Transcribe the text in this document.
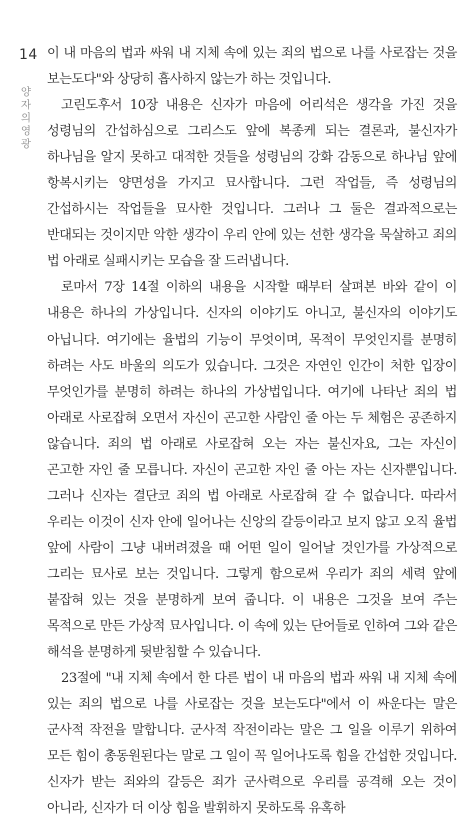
14
양자의 영광

이 내 마음의 법과 싸워 내 지체 속에 있는 죄의 법으로 나를 사로잡는 것을 보는도다"와 상당히 흡사하지 않는가 하는 것입니다.

고린도후서 10장 내용은 신자가 마음에 어리석은 생각을 가진 것을 성령님의 간섭하심으로 그리스도 앞에 복종케 되는 결론과, 불신자가 하나님을 알지 못하고 대적한 것들을 성령님의 강화 감동으로 하나님 앞에 항복시키는 양면성을 가지고 묘사합니다. 그런 작업들, 즉 성령님의 간섭하시는 작업들을 묘사한 것입니다. 그러나 그 둘은 결과적으로는 반대되는 것이지만 악한 생각이 우리 안에 있는 선한 생각을 묵살하고 죄의 법 아래로 실패시키는 모습을 잘 드러냅니다.

로마서 7장 14절 이하의 내용을 시작할 때부터 살펴본 바와 같이 이 내용은 하나의 가상입니다. 신자의 이야기도 아니고, 불신자의 이야기도 아닙니다. 여기에는 율법의 기능이 무엇이며, 목적이 무엇인지를 분명히 하려는 사도 바울의 의도가 있습니다. 그것은 자연인 인간이 처한 입장이 무엇인가를 분명히 하려는 하나의 가상법입니다. 여기에 나타난 죄의 법 아래로 사로잡혀 오면서 자신이 곤고한 사람인 줄 아는 두 체험은 공존하지 않습니다. 죄의 법 아래로 사로잡혀 오는 자는 불신자요, 그는 자신이 곤고한 자인 줄 모릅니다. 자신이 곤고한 자인 줄 아는 자는 신자뿐입니다. 그러나 신자는 결단코 죄의 법 아래로 사로잡혀 갈 수 없습니다. 따라서 우리는 이것이 신자 안에 일어나는 신앙의 갈등이라고 보지 않고 오직 율법 앞에 사람이 그냥 내버려졌을 때 어떤 일이 일어날 것인가를 가상적으로 그리는 묘사로 보는 것입니다. 그렇게 함으로써 우리가 죄의 세력 앞에 붙잡혀 있는 것을 분명하게 보여 줍니다. 이 내용은 그것을 보여 주는 목적으로 만든 가상적 묘사입니다. 이 속에 있는 단어들로 인하여 그와 같은 해석을 분명하게 뒷받침할 수 있습니다.

23절에 "내 지체 속에서 한 다른 법이 내 마음의 법과 싸워 내 지체 속에 있는 죄의 법으로 나를 사로잡는 것을 보는도다"에서 이 싸운다는 말은 군사적 작전을 말합니다. 군사적 작전이라는 말은 그 일을 이루기 위하여 모든 힘이 총동원된다는 말로 그 일이 꼭 일어나도록 힘을 간섭한 것입니다. 신자가 받는 죄와의 갈등은 죄가 군사력으로 우리를 공격해 오는 것이 아니라, 신자가 더 이상 힘을 발휘하지 못하도록 유혹하
